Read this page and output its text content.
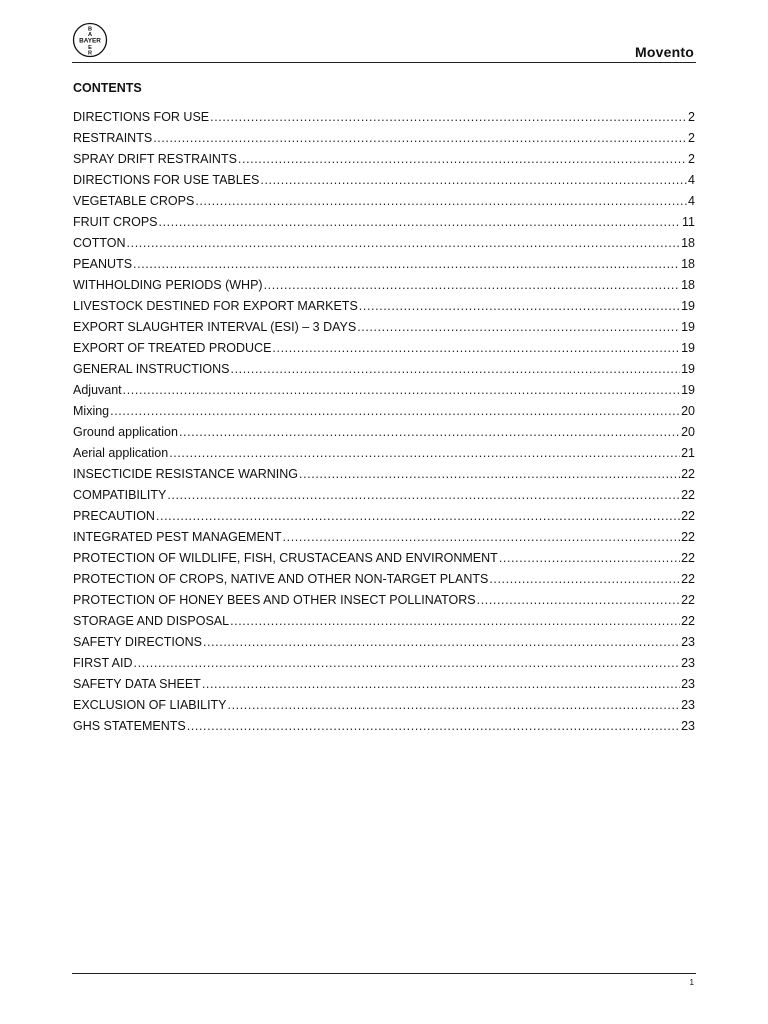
BAYER
B
A
E
R	Movento
CONTENTS
DIRECTIONS FOR USE .....	2
RESTRAINTS .....	2
SPRAY DRIFT RESTRAINTS .....	2
DIRECTIONS FOR USE TABLES .....	4
VEGETABLE CROPS .....	4
FRUIT CROPS .....	11
COTTON .....	18
PEANUTS .....	18
WITHHOLDING PERIODS (WHP) .....	18
LIVESTOCK DESTINED FOR EXPORT MARKETS .....	19
EXPORT SLAUGHTER INTERVAL (ESI) – 3 DAYS .....	19
EXPORT OF TREATED PRODUCE .....	19
GENERAL INSTRUCTIONS .....	19
Adjuvant .....	19
Mixing .....	20
Ground application .....	20
Aerial application .....	21
INSECTICIDE RESISTANCE WARNING .....	22
COMPATIBILITY .....	22
PRECAUTION .....	22
INTEGRATED PEST MANAGEMENT .....	22
PROTECTION OF WILDLIFE, FISH, CRUSTACEANS AND ENVIRONMENT .....	22
PROTECTION OF CROPS, NATIVE AND OTHER NON-TARGET PLANTS .....	22
PROTECTION OF HONEY BEES AND OTHER INSECT POLLINATORS .....	22
STORAGE AND DISPOSAL .....	22
SAFETY DIRECTIONS .....	23
FIRST AID .....	23
SAFETY DATA SHEET .....	23
EXCLUSION OF LIABILITY .....	23
GHS STATEMENTS .....	23
1
